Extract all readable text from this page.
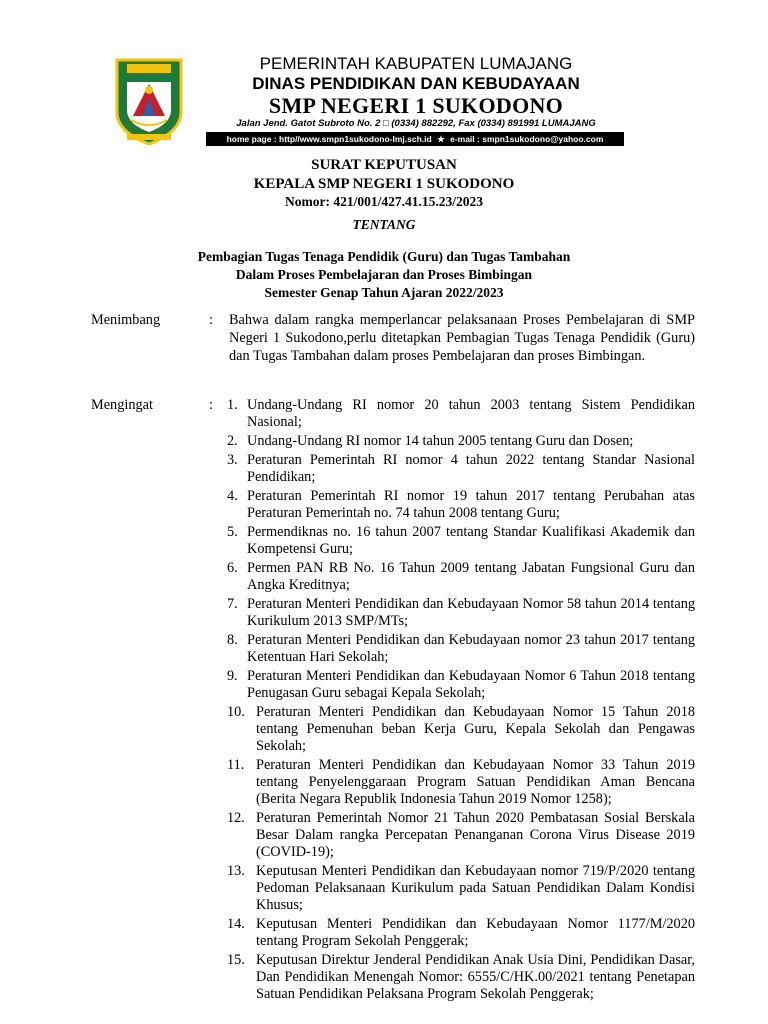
PEMERINTAH KABUPATEN LUMAJANG
DINAS PENDIDIKAN DAN KEBUDAYAAN
SMP NEGERI 1 SUKODONO
Jalan Jend. Gatot Subroto No. 2 □ (0334) 882292, Fax (0334) 891991 LUMAJANG
home page : http//www.smpn1sukodono-lmj.sch.id ★ e-mail : smpn1sukodono@yahoo.com
SURAT KEPUTUSAN
KEPALA SMP NEGERI 1 SUKODONO
Nomor: 421/001/427.41.15.23/2023
TENTANG
Pembagian Tugas Tenaga Pendidik (Guru) dan Tugas Tambahan
Dalam Proses Pembelajaran dan Proses Bimbingan
Semester Genap Tahun Ajaran 2022/2023
Menimbang	: Bahwa dalam rangka memperlancar pelaksanaan Proses Pembelajaran di SMP Negeri 1 Sukodono,perlu ditetapkan Pembagian Tugas Tenaga Pendidik (Guru) dan Tugas Tambahan dalam proses Pembelajaran dan proses Bimbingan.
Mengingat	: 1. Undang-Undang RI nomor 20 tahun 2003 tentang Sistem Pendidikan Nasional;
2. Undang-Undang RI nomor 14 tahun 2005 tentang Guru dan Dosen;
3. Peraturan Pemerintah RI nomor 4 tahun 2022 tentang Standar Nasional Pendidikan;
4. Peraturan Pemerintah RI nomor 19 tahun 2017 tentang Perubahan atas Peraturan Pemerintah no. 74 tahun 2008 tentang Guru;
5. Permendiknas no. 16 tahun 2007 tentang Standar Kualifikasi Akademik dan Kompetensi Guru;
6. Permen PAN RB No. 16 Tahun 2009 tentang Jabatan Fungsional Guru dan Angka Kreditnya;
7. Peraturan Menteri Pendidikan dan Kebudayaan Nomor 58 tahun 2014 tentang Kurikulum 2013 SMP/MTs;
8. Peraturan Menteri Pendidikan dan Kebudayaan nomor 23 tahun 2017 tentang Ketentuan Hari Sekolah;
9. Peraturan Menteri Pendidikan dan Kebudayaan Nomor 6 Tahun 2018 tentang Penugasan Guru sebagai Kepala Sekolah;
10. Peraturan Menteri Pendidikan dan Kebudayaan Nomor 15 Tahun 2018 tentang Pemenuhan beban Kerja Guru, Kepala Sekolah dan Pengawas Sekolah;
11. Peraturan Menteri Pendidikan dan Kebudayaan Nomor 33 Tahun 2019 tentang Penyelenggaraan Program Satuan Pendidikan Aman Bencana (Berita Negara Republik Indonesia Tahun 2019 Nomor 1258);
12. Peraturan Pemerintah Nomor 21 Tahun 2020 Pembatasan Sosial Berskala Besar Dalam rangka Percepatan Penanganan Corona Virus Disease 2019 (COVID-19);
13. Keputusan Menteri Pendidikan dan Kebudayaan nomor 719/P/2020 tentang Pedoman Pelaksanaan Kurikulum pada Satuan Pendidikan Dalam Kondisi Khusus;
14. Keputusan Menteri Pendidikan dan Kebudayaan Nomor 1177/M/2020 tentang Program Sekolah Penggerak;
15. Keputusan Direktur Jenderal Pendidikan Anak Usia Dini, Pendidikan Dasar, Dan Pendidikan Menengah Nomor: 6555/C/HK.00/2021 tentang Penetapan Satuan Pendidikan Pelaksana Program Sekolah Penggerak;
